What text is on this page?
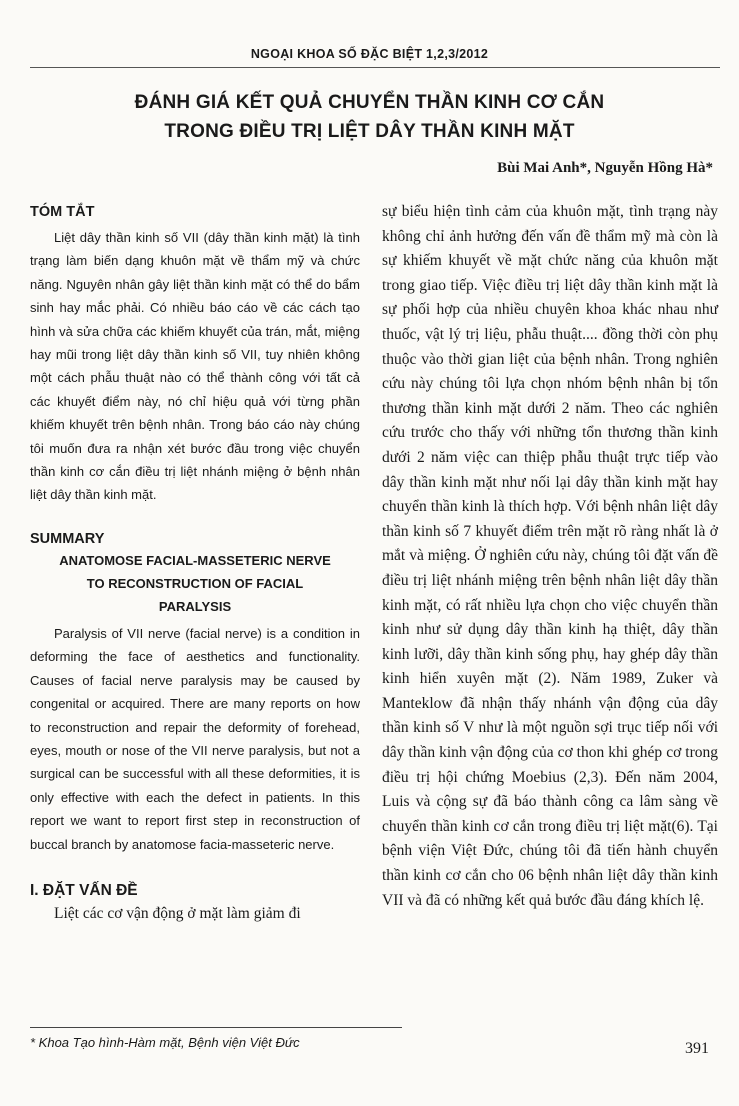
NGOẠI KHOA SỐ ĐẶC BIỆT 1,2,3/2012
ĐÁNH GIÁ KẾT QUẢ CHUYỂN THẦN KINH CƠ CẮN
TRONG ĐIỀU TRỊ LIỆT DÂY THẦN KINH MẶT
Bùi Mai Anh*, Nguyễn Hồng Hà*
TÓM TẮT

Liệt dây thần kinh số VII (dây thần kinh mặt) là tình trạng làm biến dạng khuôn mặt về thẩm mỹ và chức năng. Nguyên nhân gây liệt thần kinh mặt có thể do bẩm sinh hay mắc phải. Có nhiều báo cáo về các cách tạo hình và sửa chữa các khiếm khuyết của trán, mắt, miệng hay mũi trong liệt dây thần kinh số VII, tuy nhiên không một cách phẫu thuật nào có thể thành công với tất cả các khuyết điểm này, nó chỉ hiệu quả với từng phần khiếm khuyết trên bệnh nhân. Trong báo cáo này chúng tôi muốn đưa ra nhận xét bước đầu trong việc chuyển thần kinh cơ cắn điều trị liệt nhánh miệng ở bệnh nhân liệt dây thần kinh mặt.

SUMMARY
ANATOMOSE FACIAL-MASSETERIC NERVE
TO RECONSTRUCTION OF FACIAL
PARALYSIS

Paralysis of VII nerve (facial nerve) is a condition in deforming the face of aesthetics and functionality. Causes of facial nerve paralysis may be caused by congenital or acquired. There are many reports on how to reconstruction and repair the deformity of forehead, eyes, mouth or nose of the VII nerve paralysis, but not a surgical can be successful with all these deformities, it is only effective with each the defect in patients. In this report we want to report first step in reconstruction of buccal branch by anatomose facia-masseteric nerve.

I. ĐẶT VẤN ĐỀ

Liệt các cơ vận động ở mặt làm giảm đi

sự biểu hiện tình cảm của khuôn mặt, tình trạng này không chỉ ảnh hưởng đến vấn đề thẩm mỹ mà còn là sự khiếm khuyết về mặt chức năng của khuôn mặt trong giao tiếp. Việc điều trị liệt dây thần kinh mặt là sự phối hợp của nhiều chuyên khoa khác nhau như thuốc, vật lý trị liệu, phẫu thuật.... đồng thời còn phụ thuộc vào thời gian liệt của bệnh nhân. Trong nghiên cứu này chúng tôi lựa chọn nhóm bệnh nhân bị tổn thương thần kinh mặt dưới 2 năm. Theo các nghiên cứu trước cho thấy với những tổn thương thần kinh dưới 2 năm việc can thiệp phẫu thuật trực tiếp vào dây thần kinh mặt như nối lại dây thần kinh mặt hay chuyển thần kinh là thích hợp. Với bệnh nhân liệt dây thần kinh số 7 khuyết điểm trên mặt rõ ràng nhất là ở mắt và miệng. Ở nghiên cứu này, chúng tôi đặt vấn đề điều trị liệt nhánh miệng trên bệnh nhân liệt dây thần kinh mặt, có rất nhiều lựa chọn cho việc chuyển thần kinh như sử dụng dây thần kinh hạ thiệt, dây thần kinh lưỡi, dây thần kinh sống phụ, hay ghép dây thần kinh hiển xuyên mặt (2). Năm 1989, Zuker và Manteklow đã nhận thấy nhánh vận động của dây thần kinh số V như là một nguồn sợi trục tiếp nối với dây thần kinh vận động của cơ thon khi ghép cơ trong điều trị hội chứng Moebius (2,3). Đến năm 2004, Luis và cộng sự đã báo thành công ca lâm sàng về chuyển thần kinh cơ cắn trong điều trị liệt mặt(6). Tại bệnh viện Việt Đức, chúng tôi đã tiến hành chuyển thần kinh cơ cắn cho 06 bệnh nhân liệt dây thần kinh VII và đã có những kết quả bước đầu đáng khích lệ.

* Khoa Tạo hình-Hàm mặt, Bệnh viện Việt Đức	391
